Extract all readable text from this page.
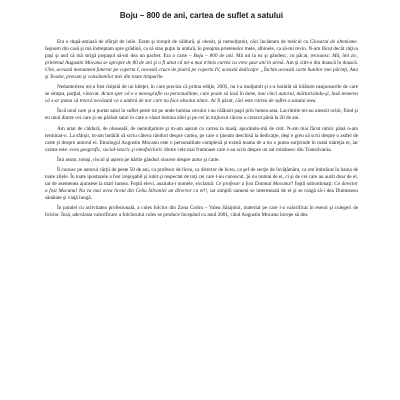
Boju – 800 de ani, cartea de suflet a satului

Era o după-amiază de sfârşit de iulie. Eram şi toropit de căldură, şi obosit, şi nemulţumit, căci încântam de melcul cu Glosarul de oltenisme. Ieşisem din casă şi mă îndreptam spre grădină, ca să stau puţin la umbră, în preajma prietenelor mele, albinele, ca să-mi revin. N-am făcut decât câţiva paşi şi aud că mă strigă poştaşul să-mi dea un pachet. Era o carte – Boju – 800 de ani. Mă uit la ea şi gândesc, cu păcat, recunosc: Mă, îmi zic, prietenul Augustin Mocanu se apropie de 80 de ani şi o fi uitat că mi-a mai trimis cartea cu vreo şase ani în urmă. Am şi citit-o din doască în doască. Uite, această monument funerar pe coperta I, această cruce de piatră pe coperta IV, această dedicaţie: „Închin această carte bunilor mei părinţi, Ana şi Teodor, precum şi consătenilor mei din toate timpurile.

Nedumerirea mi-a fost risipită de un bileţel, în care preciza că prima ediţie, 2005, nu l-a mulţumit şi s-a hotărât să înlăture neajunsurile de care se simţea, parţial, vinovat. Acum sper că e o monografie cu personalitate, care poate să lasă în lume, mai cinci autorul, mărturisindu-şi, însă temerea că s-ar putea să treacă nevăzută ca o umbră de nor care nu face absolut nimic. Ar fi păcat, căci este cartea de suflet a satului meu.

Încă unul care şi-a purtat satul în suflet peste tot pe unde lumina cerului i-au călăuzit paşii prin lumea asta. Lacrimile mi-au umezit ochii, fiind şi eu unul dintre cei care şi-au părăsit satul în care a văzut lumina zilei şi pe cei în mijlocul cărora a crescut până la 20 de ani.

Am uitat de căldură, de oboseală, de nemulţumire şi m-am aşezat cu cartea la masă, apucându-mă de citit. N-am mai făcut nimic până n-am terminat-o. La sfârşit, m-am hotărât să scriu câteva rânduri despre cartea, pe care o ţineam deschisă la dedicaţie, deşi e greu să scrii despre o astfel de carte şi despre autorul ei. Etnologul Augustin Mocanu este o personalitate complexă şi există teama de a nu o putea surprinde în toată măreţia ei, iar cartea este: eveu geografic, social-istoric şi etnofolcloric dintre cele mai frumoase care s-au scris despre un sat românesc din Transilvania.

Îmi asum, totuşi, riscul şi aştern pe hârtie gânduri sincere despre autor şi carte.

Îl cunosc pe autorul cărţii de peste 50 de ani, ca profesor de liceu, ca director de liceu, ca şef de secţie de învăţământ, ca om îmbrăcat în haina de toate zilele. În toate ipostazele a fost irepoşabil şi iubit şi respectat de toţi cei care l-au cunoscut. Şi nu numai de ei, ci şi de cei care au auzit doar de el, iar de asemenea ajunsese la mari lumea. Foştii elevi, auzindu-i numele, exclamă: Ce profesor a fost Domnul Mocanu!! foştii subordonaţi: Ce director a fost Mocanu! Na va mai avea liceul din Cehu Silvaniei un director ca el!!, iar simplii oameni se interesează de el şi se roagă să-i dea Dumnezeu sănătate şi viaţă lungă.

În paralel cu activitatea profesională, a cules folclor din Zona Codru – Valea Sălajului, material pe care l-a valorificat în eseuri şi culegeri de folclor. Însă, adevărata valorificare a folclorului cules se produce începând cu anul 2001, când Augustin Mocanu începe să dea
